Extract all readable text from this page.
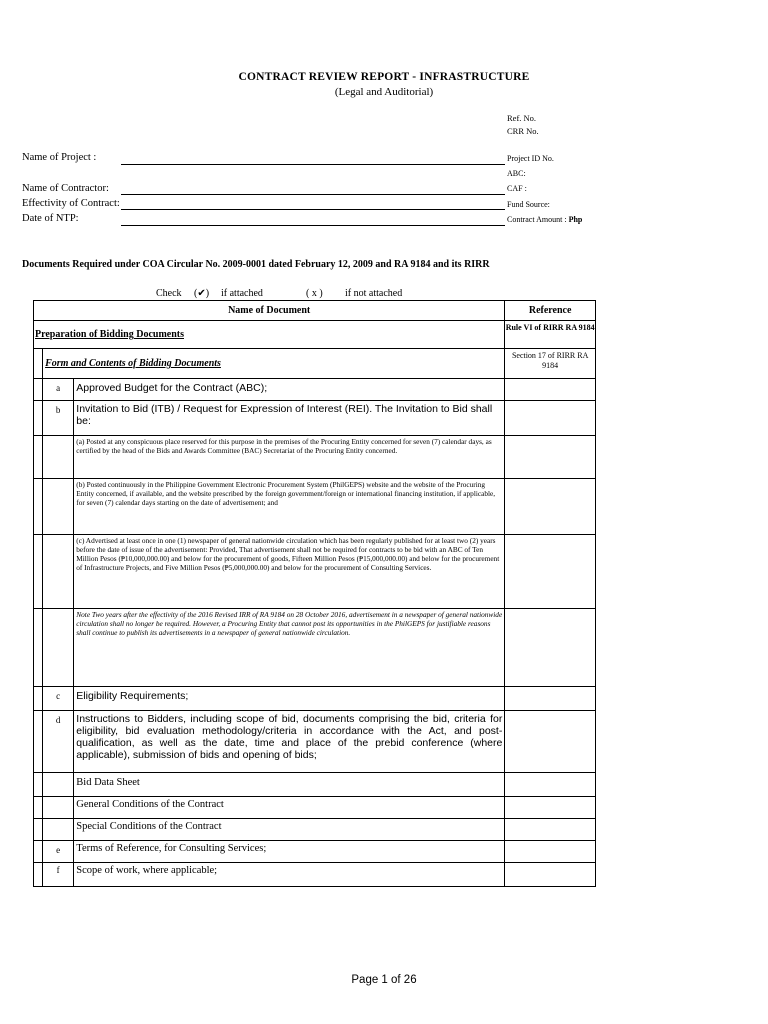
CONTRACT REVIEW REPORT - INFRASTRUCTURE
(Legal and Auditorial)
Ref. No.
CRR No.
Name of Project :
Name of Contractor:
Effectivity of Contract:
Date of NTP:
Project ID No.
ABC:
CAF :
Fund Source:
Contract Amount : Php
Documents Required under COA Circular No. 2009-0001 dated February 12, 2009 and RA 9184 and its RIRR
Check (✔) if attached	( x ) if not attached
Name of Document			Reference
Preparation of Bidding Documents			Rule VI of RIRR RA 9184
	Form and Contents of Bidding Documents		Section 17 of RIRR RA 9184
	a	Approved Budget for the Contract (ABC);	
	b	Invitation to Bid (ITB) / Request for Expression of Interest (REI). The Invitation to Bid shall be:	
		(a) Posted at any conspicuous place reserved for this purpose in the premises of the Procuring Entity concerned for seven (7) calendar days, as certified by the head of the Bids and Awards Committee (BAC) Secretariat of the Procuring Entity concerned.	
		(b) Posted continuously in the Philippine Government Electronic Procurement System (PhilGEPS) website and the website of the Procuring Entity concerned, if available, and the website prescribed by the foreign government/foreign or international financing institution, if applicable, for seven (7) calendar days starting on the date of advertisement; and	
		(c) Advertised at least once in one (1) newspaper of general nationwide circulation which has been regularly published for at least two (2) years before the date of issue of the advertisement: Provided, That advertisement shall not be required for contracts to be bid with an ABC of Ten Million Pesos (₱10,000,000.00) and below for the procurement of goods, Fifteen Million Pesos (₱15,000,000.00) and below for the procurement of Infrastructure Projects, and Five Million Pesos (₱5,000,000.00) and below for the procurement of Consulting Services.	
		Note Two years after the effectivity of the 2016 Revised IRR of RA 9184 on 28 October 2016, advertisement in a newspaper of general nationwide circulation shall no longer be required. However, a Procuring Entity that cannot post its opportunities in the PhilGEPS for justifiable reasons shall continue to publish its advertisements in a newspaper of general nationwide circulation.	
	c	Eligibility Requirements;	
	d	Instructions to Bidders, including scope of bid, documents comprising the bid, criteria for eligibility, bid evaluation methodology/criteria in accordance with the Act, and post-qualification, as well as the date, time and place of the prebid conference (where applicable), submission of bids and opening of bids;	
		Bid Data Sheet	
		General Conditions of the Contract	
		Special Conditions of the Contract	
	e	Terms of Reference, for Consulting Services;	
	f	Scope of work, where applicable;	
Page 1 of 26
